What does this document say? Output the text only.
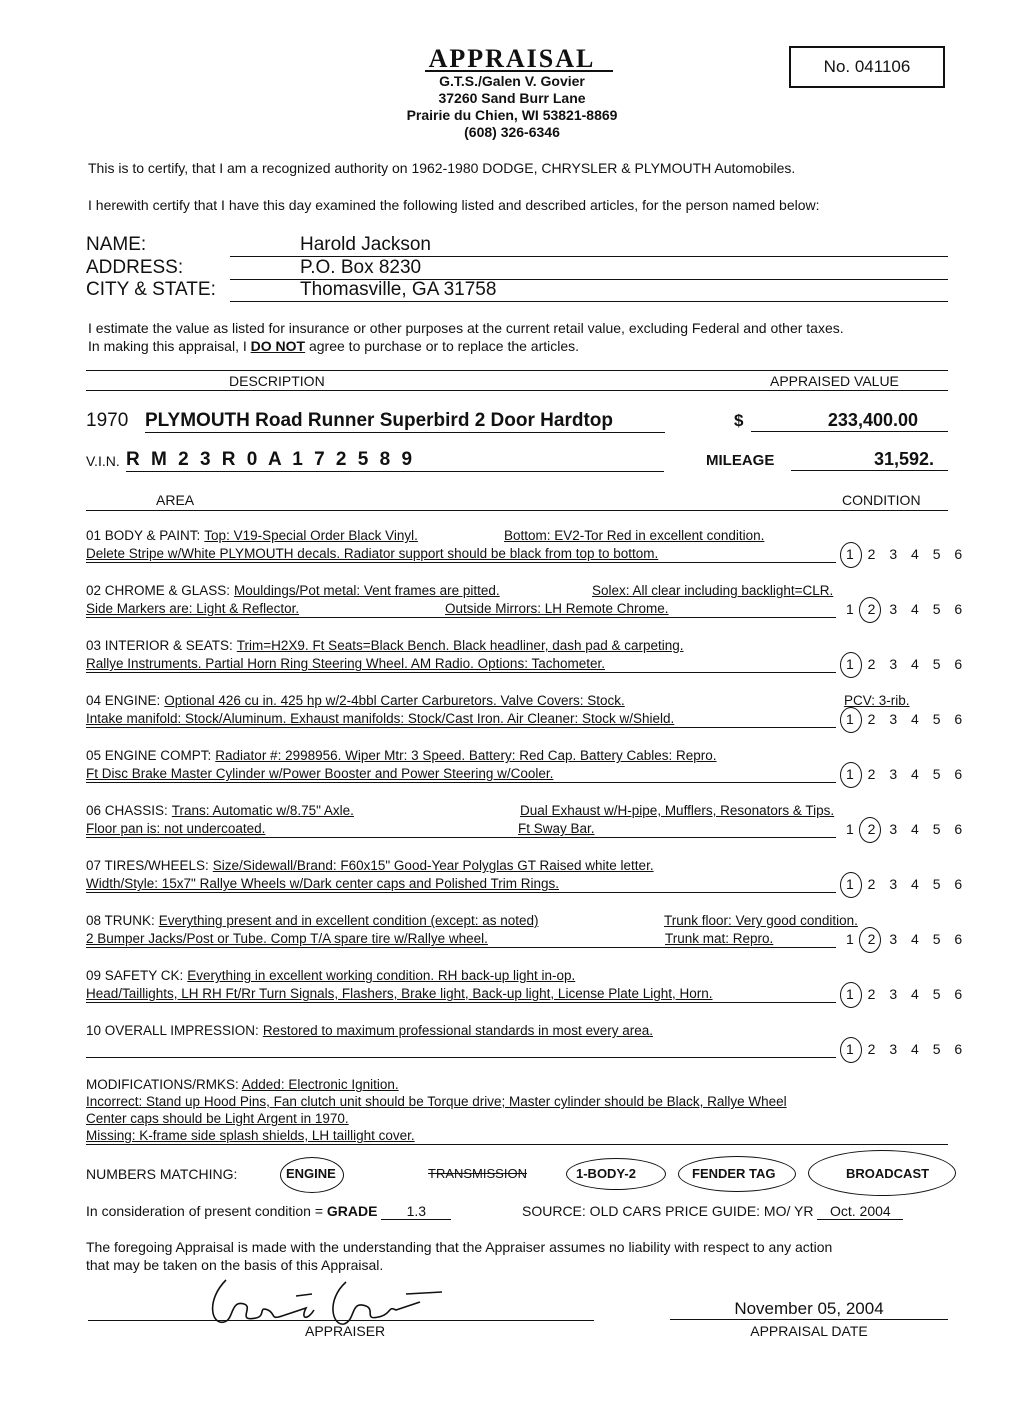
APPRAISAL
G.T.S./Galen V. Govier
37260 Sand Burr Lane
Prairie du Chien, WI 53821-8869
(608) 326-6346
No. 041106
This is to certify, that I am a recognized authority on 1962-1980 DODGE, CHRYSLER & PLYMOUTH Automobiles.
I herewith certify that I have this day examined the following listed and described articles, for the person named below:
NAME:	Harold Jackson
ADDRESS:	P.O. Box 8230
CITY & STATE:	Thomasville, GA 31758
I estimate the value as listed for insurance or other purposes at the current retail value, excluding Federal and other taxes.
In making this appraisal, I DO NOT agree to purchase or to replace the articles.
DESCRIPTION	APPRAISED VALUE
1970 PLYMOUTH Road Runner Superbird 2 Door Hardtop	$	233,400.00
V.I.N. R M 2 3 R 0 A 1 7 2 5 8 9	MILEAGE	31,592.
AREA	CONDITION
01 BODY & PAINT: Top: V19-Special Order Black Vinyl.	Bottom: EV2-Tor Red in excellent condition.
Delete Stripe w/White PLYMOUTH decals. Radiator support should be black from top to bottom.	1 2 3 4 5 6
02 CHROME & GLASS: Mouldings/Pot metal: Vent frames are pitted.	Solex: All clear including backlight=CLR.
Side Markers are: Light & Reflector.	Outside Mirrors: LH Remote Chrome.	1 2 3 4 5 6
03 INTERIOR & SEATS: Trim=H2X9. Ft Seats=Black Bench. Black headliner, dash pad & carpeting.
Rallye Instruments. Partial Horn Ring Steering Wheel. AM Radio. Options: Tachometer.	1 2 3 4 5 6
04 ENGINE: Optional 426 cu in. 425 hp w/2-4bbl Carter Carburetors. Valve Covers: Stock.	PCV: 3-rib.
Intake manifold: Stock/Aluminum. Exhaust manifolds: Stock/Cast Iron. Air Cleaner: Stock w/Shield.	1 2 3 4 5 6
05 ENGINE COMPT: Radiator #: 2998956. Wiper Mtr: 3 Speed. Battery: Red Cap. Battery Cables: Repro.
Ft Disc Brake Master Cylinder w/Power Booster and Power Steering w/Cooler.	1 2 3 4 5 6
06 CHASSIS: Trans: Automatic w/8.75" Axle.	Dual Exhaust w/H-pipe, Mufflers, Resonators & Tips.
Floor pan is: not undercoated.	Ft Sway Bar.	1 2 3 4 5 6
07 TIRES/WHEELS: Size/Sidewall/Brand: F60x15" Good-Year Polyglas GT Raised white letter.
Width/Style: 15x7" Rallye Wheels w/Dark center caps and Polished Trim Rings.	1 2 3 4 5 6
08 TRUNK: Everything present and in excellent condition (except: as noted)	Trunk floor: Very good condition.
2 Bumper Jacks/Post or Tube. Comp T/A spare tire w/Rallye wheel.	Trunk mat: Repro.	1 2 3 4 5 6
09 SAFETY CK: Everything in excellent working condition. RH back-up light in-op.
Head/Taillights, LH RH Ft/Rr Turn Signals, Flashers, Brake light, Back-up light, License Plate Light, Horn.	1 2 3 4 5 6
10 OVERALL IMPRESSION: Restored to maximum professional standards in most every area.
1 2 3 4 5 6
MODIFICATIONS/RMKS: Added: Electronic Ignition.
Incorrect: Stand up Hood Pins, Fan clutch unit should be Torque drive; Master cylinder should be Black, Rallye Wheel
Center caps should be Light Argent in 1970.
Missing: K-frame side splash shields, LH taillight cover.
NUMBERS MATCHING:	ENGINE	TRANSMISSION	1-BODY-2	FENDER TAG	BROADCAST
In consideration of present condition = GRADE 1.3	SOURCE: OLD CARS PRICE GUIDE: MO/ YR Oct. 2004
The foregoing Appraisal is made with the understanding that the Appraiser assumes no liability with respect to any action
that may be taken on the basis of this Appraisal.
APPRAISER
November 05, 2004
APPRAISAL DATE
